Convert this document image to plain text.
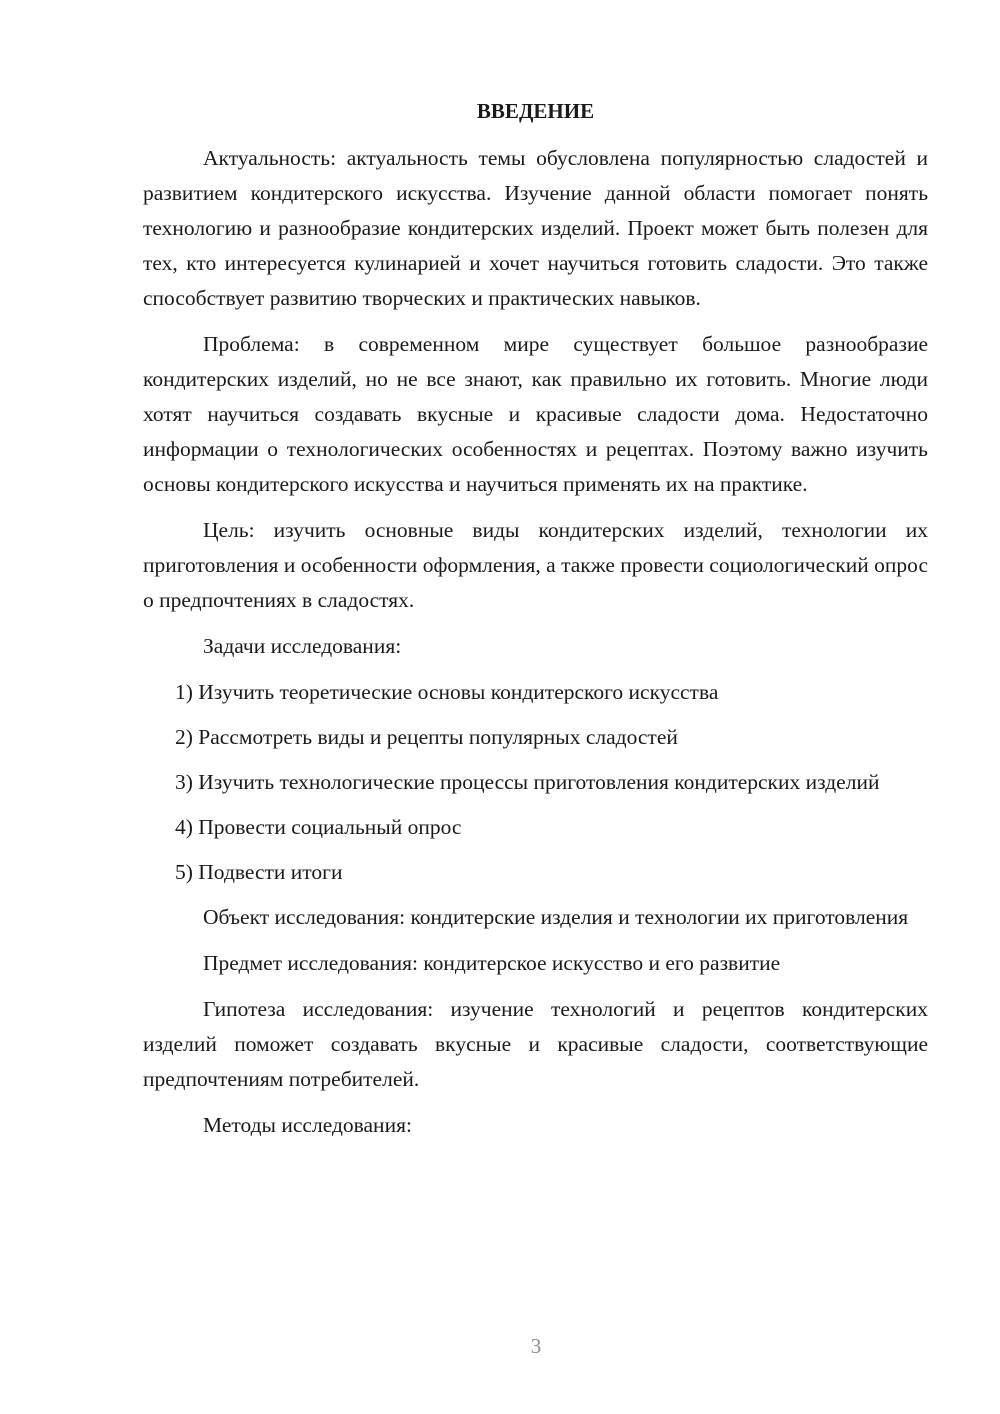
ВВЕДЕНИЕ

Актуальность: актуальность темы обусловлена популярностью сладостей и развитием кондитерского искусства. Изучение данной области помогает понять технологию и разнообразие кондитерских изделий. Проект может быть полезен для тех, кто интересуется кулинарией и хочет научиться готовить сладости. Это также способствует развитию творческих и практических навыков.

Проблема: в современном мире существует большое разнообразие кондитерских изделий, но не все знают, как правильно их готовить. Многие люди хотят научиться создавать вкусные и красивые сладости дома. Недостаточно информации о технологических особенностях и рецептах. Поэтому важно изучить основы кондитерского искусства и научиться применять их на практике.

Цель: изучить основные виды кондитерских изделий, технологии их приготовления и особенности оформления, а также провести социологический опрос о предпочтениях в сладостях.

Задачи исследования:

1) Изучить теоретические основы кондитерского искусства

2) Рассмотреть виды и рецепты популярных сладостей

3) Изучить технологические процессы приготовления кондитерских изделий

4) Провести социальный опрос

5) Подвести итоги

Объект исследования: кондитерские изделия и технологии их приготовления

Предмет исследования: кондитерское искусство и его развитие

Гипотеза исследования: изучение технологий и рецептов кондитерских изделий поможет создавать вкусные и красивые сладости, соответствующие предпочтениям потребителей.

Методы исследования:

3
